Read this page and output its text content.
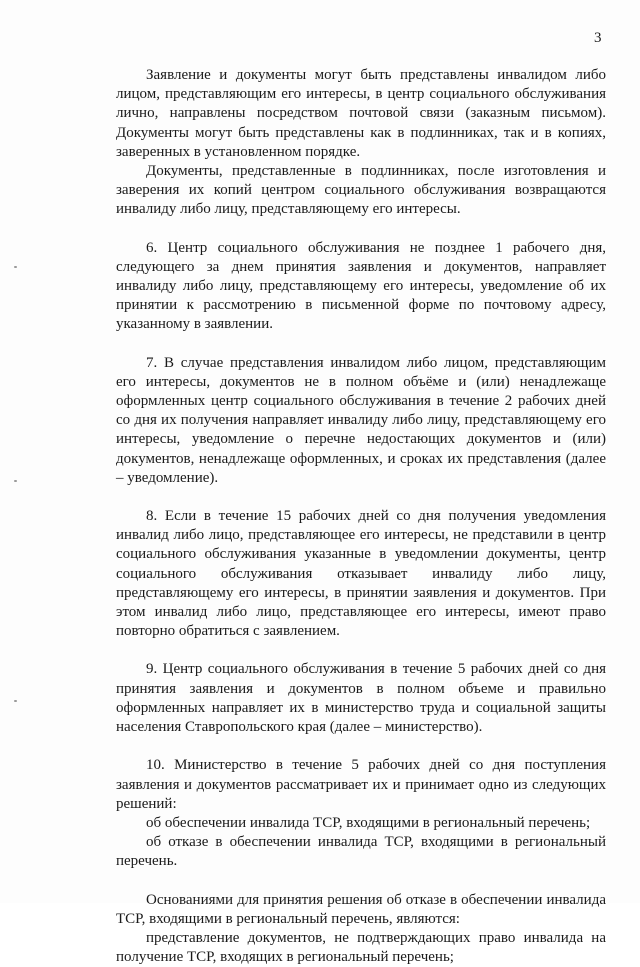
3

Заявление и документы могут быть представлены инвалидом либо лицом, представляющим его интересы, в центр социального обслуживания лично, направлены посредством почтовой связи (заказным письмом). Документы могут быть представлены как в подлинниках, так и в копиях, заверенных в установленном порядке.

Документы, представленные в подлинниках, после изготовления и заверения их копий центром социального обслуживания возвращаются инвалиду либо лицу, представляющему его интересы.

6. Центр социального обслуживания не позднее 1 рабочего дня, следующего за днем принятия заявления и документов, направляет инвалиду либо лицу, представляющему его интересы, уведомление об их принятии к рассмотрению в письменной форме по почтовому адресу, указанному в заявлении.

7. В случае представления инвалидом либо лицом, представляющим его интересы, документов не в полном объёме и (или) ненадлежаще оформленных центр социального обслуживания в течение 2 рабочих дней со дня их получения направляет инвалиду либо лицу, представляющему его интересы, уведомление о перечне недостающих документов и (или) документов, ненадлежаще оформленных, и сроках их представления (далее – уведомление).

8. Если в течение 15 рабочих дней со дня получения уведомления инвалид либо лицо, представляющее его интересы, не представили в центр социального обслуживания указанные в уведомлении документы, центр социального обслуживания отказывает инвалиду либо лицу, представляющему его интересы, в принятии заявления и документов. При этом инвалид либо лицо, представляющее его интересы, имеют право повторно обратиться с заявлением.

9. Центр социального обслуживания в течение 5 рабочих дней со дня принятия заявления и документов в полном объеме и правильно оформленных направляет их в министерство труда и социальной защиты населения Ставропольского края (далее – министерство).

10. Министерство в течение 5 рабочих дней со дня поступления заявления и документов рассматривает их и принимает одно из следующих решений:

об обеспечении инвалида ТСР, входящими в региональный перечень;

об отказе в обеспечении инвалида ТСР, входящими в региональный перечень.

Основаниями для принятия решения об отказе в обеспечении инвалида ТСР, входящими в региональный перечень, являются:

представление документов, не подтверждающих право инвалида на получение ТСР, входящих в региональный перечень;
